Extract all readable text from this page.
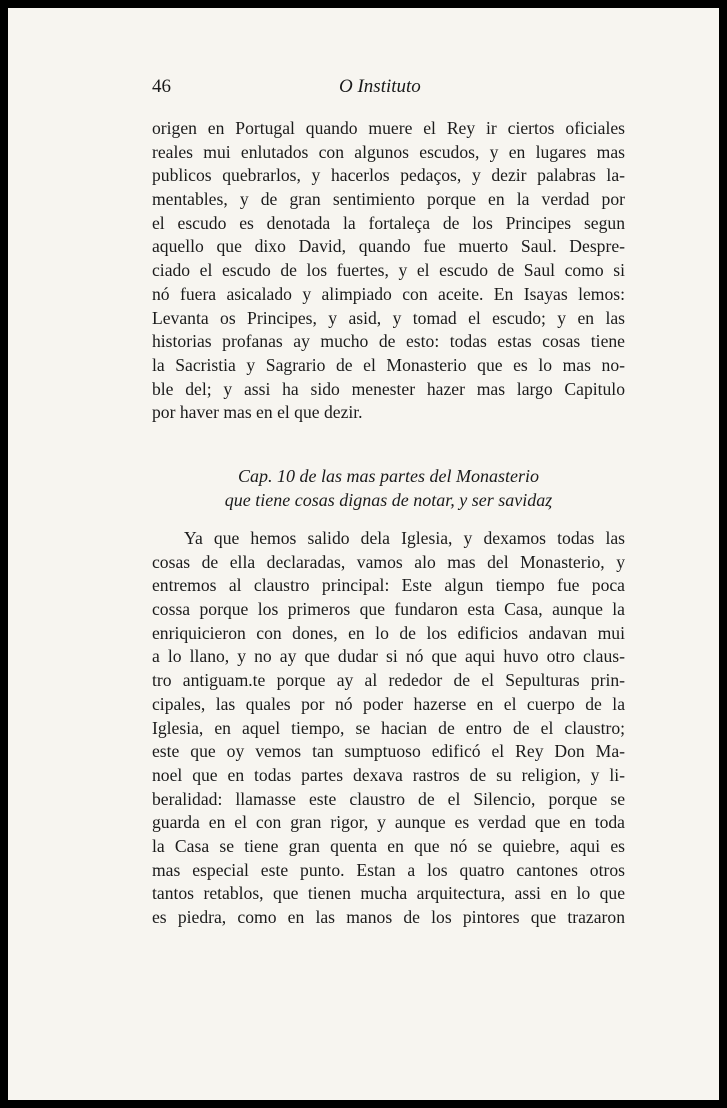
46	O Instituto
origen en Portugal quando muere el Rey ir ciertos oficiales
reales mui enlutados con algunos escudos, y en lugares mas
publicos quebrarlos, y hacerlos pedaços, y dezir palabras la-
mentables, y de gran sentimiento porque en la verdad por
el escudo es denotada la fortaleça de los Principes segun
aquello que dixo David, quando fue muerto Saul. Despre-
ciado el escudo de los fuertes, y el escudo de Saul como si
nó fuera asicalado y alimpiado con aceite. En Isayas lemos:
Levanta os Principes, y asid, y tomad el escudo; y en las
historias profanas ay mucho de esto: todas estas cosas tiene
la Sacristia y Sagrario de el Monasterio que es lo mas no-
ble del; y assi ha sido menester hazer mas largo Capitulo
por haver mas en el que dezir.
Cap. 10 de las mas partes del Monasterio
que tiene cosas dignas de notar, y ser savidaȥ
Ya que hemos salido dela Iglesia, y dexamos todas las
cosas de ella declaradas, vamos alo mas del Monasterio, y
entremos al claustro principal: Este algun tiempo fue poca
cossa porque los primeros que fundaron esta Casa, aunque la
enriquicieron con dones, en lo de los edificios andavan mui
a lo llano, y no ay que dudar si nó que aqui huvo otro claus-
tro antiguam.te porque ay al rededor de el Sepulturas prin-
cipales, las quales por nó poder hazerse en el cuerpo de la
Iglesia, en aquel tiempo, se hacian de entro de el claustro;
este que oy vemos tan sumptuoso edificó el Rey Don Ma-
noel que en todas partes dexava rastros de su religion, y li-
beralidad: llamasse este claustro de el Silencio, porque se
guarda en el con gran rigor, y aunque es verdad que en toda
la Casa se tiene gran quenta en que nó se quiebre, aqui es
mas especial este punto. Estan a los quatro cantones otros
tantos retablos, que tienen mucha arquitectura, assi en lo que
es piedra, como en las manos de los pintores que trazaron
